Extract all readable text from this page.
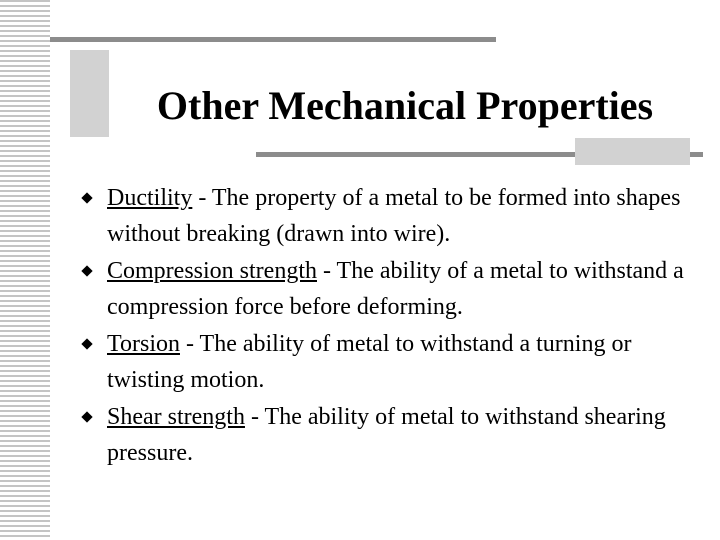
Other Mechanical Properties
Ductility - The property of a metal to be formed into shapes without breaking (drawn into wire).
Compression strength - The ability of a metal to withstand a compression force before deforming.
Torsion - The ability of metal to withstand a turning or twisting motion.
Shear strength - The ability of metal to withstand shearing pressure.
